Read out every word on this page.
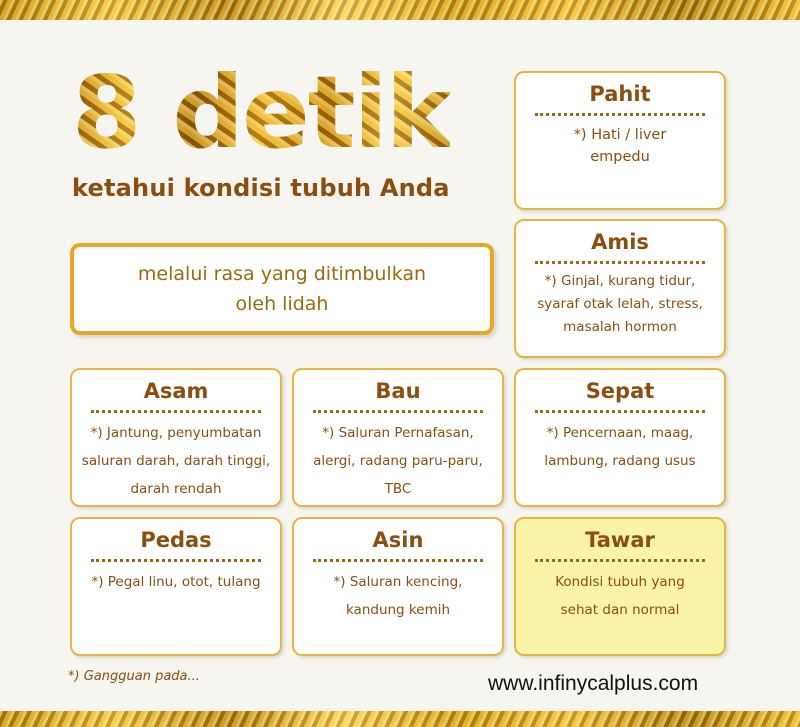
8 detik
ketahui kondisi tubuh Anda
melalui rasa yang ditimbulkan
oleh lidah
Pahit
*) Hati / liver
empedu
Amis
*) Ginjal, kurang tidur,
syaraf otak lelah, stress,
masalah hormon
Asam
*) Jantung, penyumbatan
saluran darah, darah tinggi,
darah rendah
Bau
*) Saluran Pernafasan,
alergi, radang paru-paru,
TBC
Sepat
*) Pencernaan, maag,
lambung, radang usus
Pedas
*) Pegal linu, otot, tulang
Asin
*) Saluran kencing,
kandung kemih
Tawar
Kondisi tubuh yang
sehat dan normal
*) Gangguan pada...	www.infinycalplus.com
